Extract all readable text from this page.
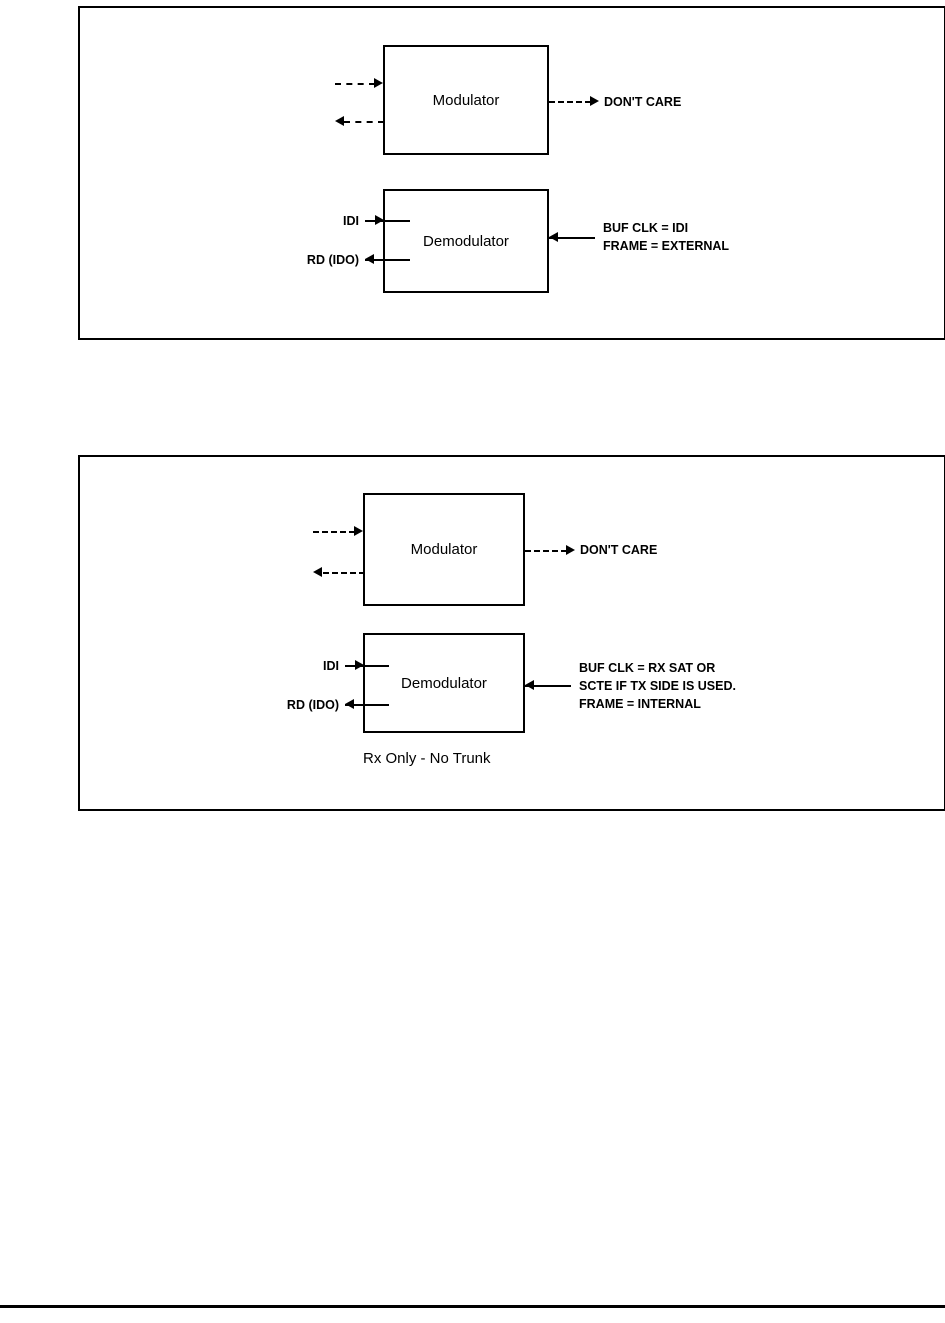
Modulator	DON'T CARE
Demodulator
IDI
RD (IDO)
BUF CLK = IDI
FRAME = EXTERNAL
Modulator	DON'T CARE
Demodulator
IDI
RD (IDO)
BUF CLK = RX SAT OR
SCTE IF TX SIDE IS USED.
FRAME = INTERNAL
Rx Only - No Trunk
